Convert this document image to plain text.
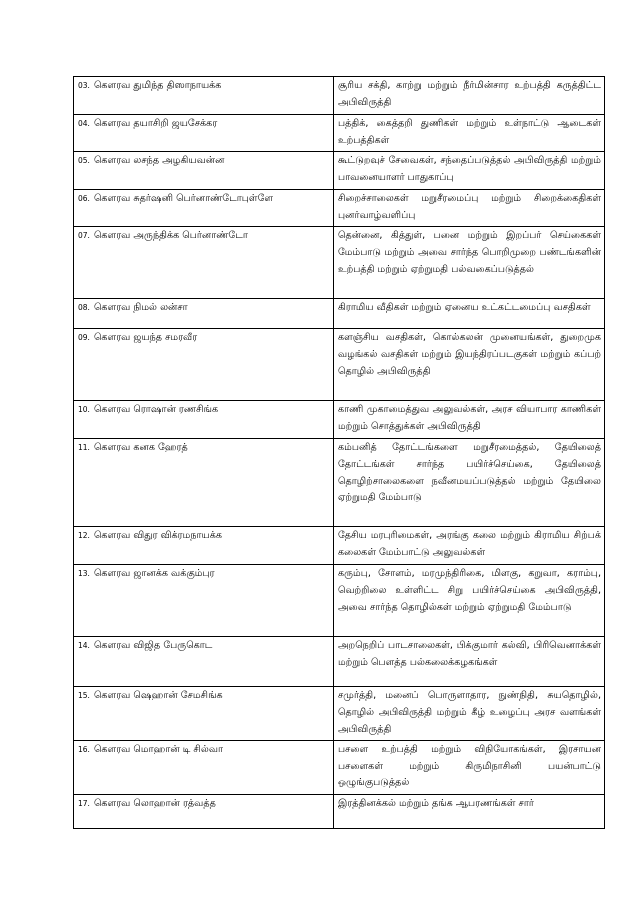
03. கௌரவ துமிந்த திஸாநாயக்க	சூரிய சக்தி, காற்று மற்றும் நீர்மின்சார உற்பத்தி கருத்திட்ட அபிவிருத்தி
04. கௌரவ தயாசிறி ஜயசேக்கர	பத்திக், கைத்தறி துணிகள் மற்றும் உள்நாட்டு ஆடைகள் உற்பத்திகள்
05. கௌரவ லசந்த அழகியவன்ன	கூட்டுறவுச் சேவைகள், சந்தைப்படுத்தல் அபிவிருத்தி மற்றும் பாவனையாளர் பாதுகாப்பு
06. கௌரவ சுதர்ஷனி பெர்னாண்டோபுள்ளே	சிறைச்சாலைகள் மறுசீரமைப்பு மற்றும் சிறைக்கைதிகள் புனர்வாழ்வளிப்பு
07. கௌரவ அருந்திக்க பெர்னாண்டோ	தென்னை, கித்துள், பனை மற்றும் இறப்பர் செய்கைகள் மேம்பாடு மற்றும் அவை சார்ந்த பொறிமுறை பண்டங்களின் உற்பத்தி மற்றும் ஏற்றுமதி பல்வகைப்படுத்தல்
08. கௌரவ நிமல் லன்சா	கிராமிய வீதிகள் மற்றும் ஏனைய உட்கட்டமைப்பு வசதிகள்
09. கௌரவ ஜயந்த சமரவீர	களஞ்சிய வசதிகள், கொல்கலன் முனையங்கள், துறைமுக வழங்கல் வசதிகள் மற்றும் இயந்திரப்படகுகள் மற்றும் கப்பற் தொழில் அபிவிருத்தி
10. கௌரவ ரொஷான் ரணசிங்க	காணி முகாமைத்துவ அலுவல்கள், அரச வியாபார காணிகள் மற்றும் சொத்துக்கள் அபிவிருத்தி
11. கௌரவ கனக ஹேரத்	கம்பனித் தோட்டங்களை மறுசீரமைத்தல், தேயிலைத் தோட்டங்கள் சார்ந்த பயிர்ச்செய்கை, தேயிலைத் தொழிற்சாலைகளை நவீனமயப்படுத்தல் மற்றும் தேயிலை ஏற்றுமதி மேம்பாடு
12. கௌரவ விதுர விக்ரமநாயக்க	தேசிய மரபுரிமைகள், அரங்கு கலை மற்றும் கிராமிய சிற்பக் கலைகள் மேம்பாட்டு அலுவல்கள்
13. கௌரவ ஜானக்க வக்கும்புர	கரும்பு, சோளம், மரமுந்திரிகை, மிளகு, கறுவா, கராம்பு, வெற்றிலை உள்ளிட்ட சிறு பயிர்ச்செய்கை அபிவிருத்தி, அவை சார்ந்த தொழில்கள் மற்றும் ஏற்றுமதி மேம்பாடு
14. கௌரவ விஜித பேருகொட	அறநெறிப் பாடசாலைகள், பிக்குமார் கல்வி, பிரிவெனாக்கள் மற்றும் பௌத்த பல்கலைக்கழகங்கள்
15. கௌரவ ஷெஹான் சேமசிங்க	சமுர்த்தி, மனைப் பொருளாதார, நுண்நிதி, சுயதொழில், தொழில் அபிவிருத்தி மற்றும் கீழ் உழைப்பு அரச வளங்கள் அபிவிருத்தி
16. கௌரவ மொஹான் டி சில்வா	பசளை உற்பத்தி மற்றும் விநியோகங்கள், இரசாயன பசளைகள் மற்றும் கிருமிநாசினி பயன்பாட்டு ஒழுங்குபடுத்தல்
17. கௌரவ லொஹான் ரத்வத்த	இரத்தினக்கல் மற்றும் தங்க ஆபரணங்கள் சார்
